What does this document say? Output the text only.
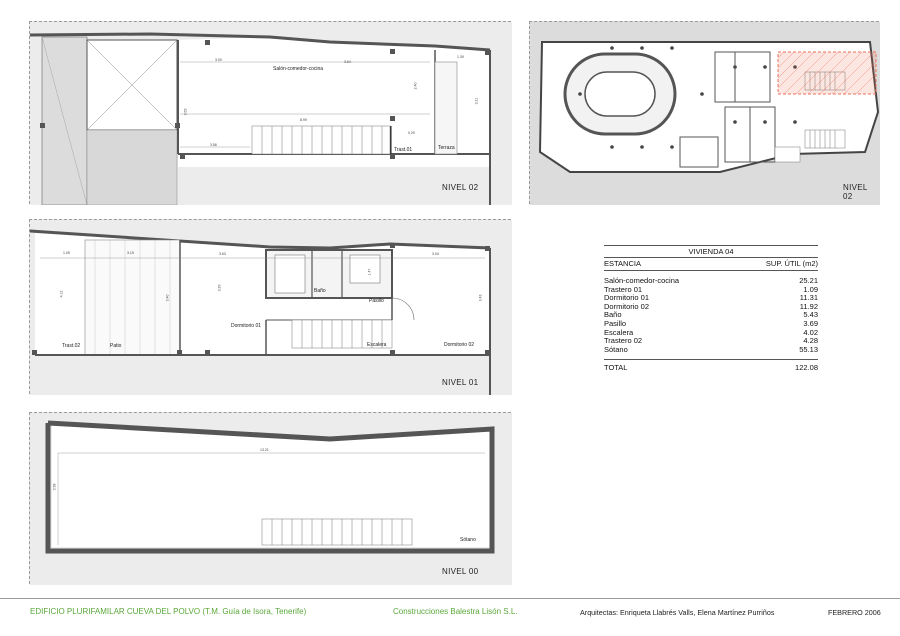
Salón-comedor-cocina
Trast.01	Terraza
3.00	3.64
1.39
3.63
2.40
8.99
3.56
0.29
3.21
NIVEL 02	NIVEL 02
Baño
Pasillo
Dormitorio 01
Escalera	Dormitorio 02
Trast.02	Patio
1.05	3.15	3.63	3.04
4.12
3.40
3.29
1.47
3.43
NIVEL 01
Sótano
13.21
3.98
NIVEL 00
VIVIENDA 04
ESTANCIA	SUP. ÚTIL (m2)
Salón-comedor-cocina	25.21
Trastero 01	1.09
Dormitorio 01	11.31
Dormitorio 02	11.92
Baño	5.43
Pasillo	3.69
Escalera	4.02
Trastero 02	4.28
Sótano	55.13
TOTAL	122.08
EDIFICIO PLURIFAMILAR CUEVA DEL POLVO (T.M. Guía de Isora, Tenerife)	Construcciones Balestra Lisón S.L.	Arquitectas: Enriqueta Llabrés Valls, Elena Martínez Purriños	FEBRERO 2006
